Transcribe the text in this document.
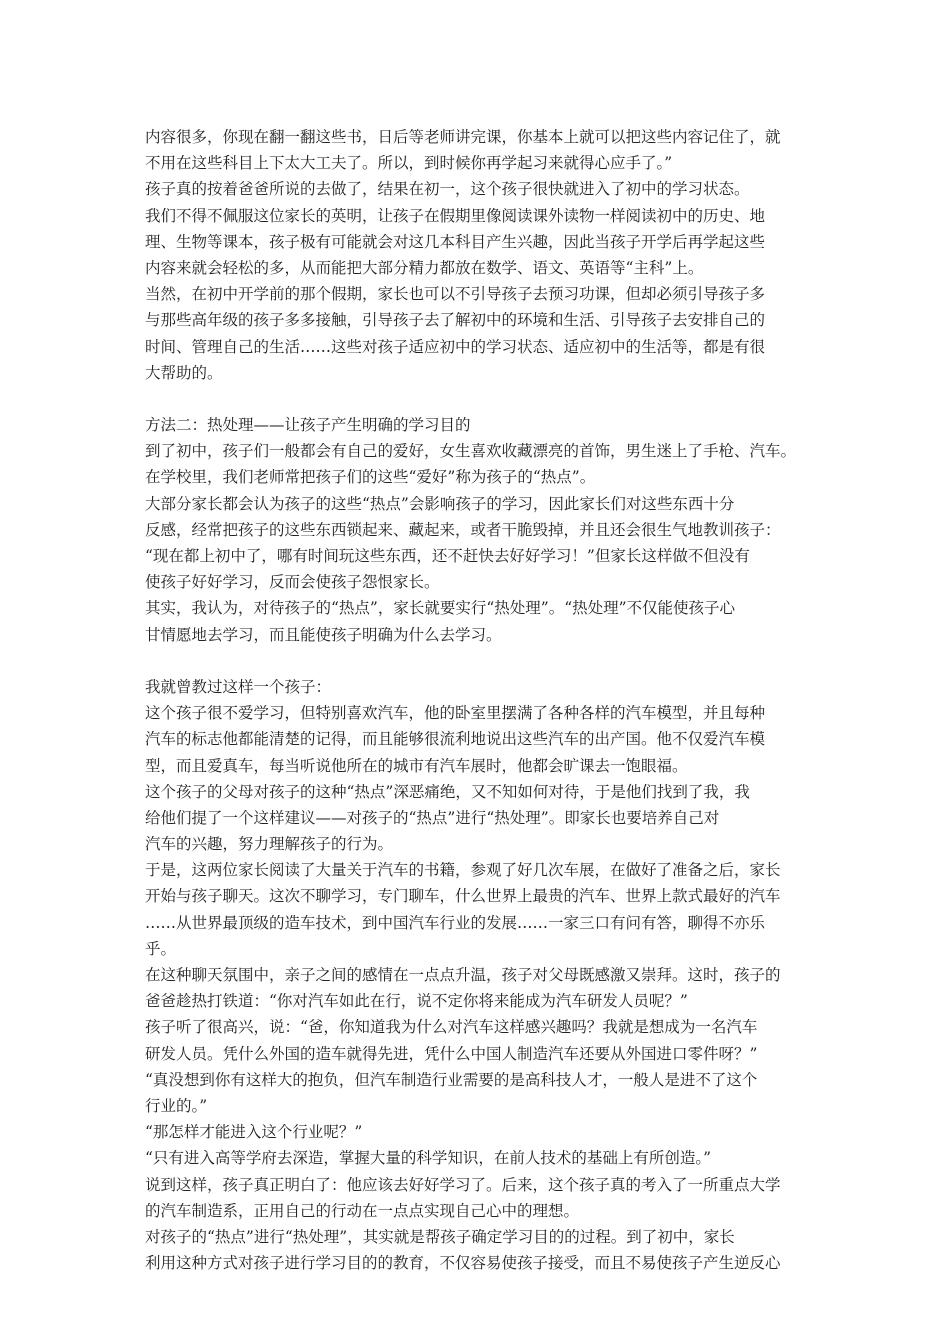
内容很多，你现在翻一翻这些书，日后等老师讲完课，你基本上就可以把这些内容记住了，就
不用在这些科目上下太大工夫了。所以，到时候你再学起习来就得心应手了。”
孩子真的按着爸爸所说的去做了，结果在初一，这个孩子很快就进入了初中的学习状态。
我们不得不佩服这位家长的英明，让孩子在假期里像阅读课外读物一样阅读初中的历史、地
理、生物等课本，孩子极有可能就会对这几本科目产生兴趣，因此当孩子开学后再学起这些
内容来就会轻松的多，从而能把大部分精力都放在数学、语文、英语等“主科”上。
当然，在初中开学前的那个假期，家长也可以不引导孩子去预习功课，但却必须引导孩子多
与那些高年级的孩子多多接触，引导孩子去了解初中的环境和生活、引导孩子去安排自己的
时间、管理自己的生活……这些对孩子适应初中的学习状态、适应初中的生活等，都是有很
大帮助的。
方法二：热处理——让孩子产生明确的学习目的
到了初中，孩子们一般都会有自己的爱好，女生喜欢收藏漂亮的首饰，男生迷上了手枪、汽车。
在学校里，我们老师常把孩子们的这些“爱好”称为孩子的“热点”。
大部分家长都会认为孩子的这些“热点”会影响孩子的学习，因此家长们对这些东西十分
反感，经常把孩子的这些东西锁起来、藏起来，或者干脆毁掉，并且还会很生气地教训孩子：
“现在都上初中了，哪有时间玩这些东西，还不赶快去好好学习！”但家长这样做不但没有
使孩子好好学习，反而会使孩子怨恨家长。
其实，我认为，对待孩子的“热点”，家长就要实行“热处理”。“热处理”不仅能使孩子心
甘情愿地去学习，而且能使孩子明确为什么去学习。
我就曾教过这样一个孩子：
这个孩子很不爱学习，但特别喜欢汽车，他的卧室里摆满了各种各样的汽车模型，并且每种
汽车的标志他都能清楚的记得，而且能够很流利地说出这些汽车的出产国。他不仅爱汽车模
型，而且爱真车，每当听说他所在的城市有汽车展时，他都会旷课去一饱眼福。
这个孩子的父母对孩子的这种“热点”深恶痛绝，又不知如何对待，于是他们找到了我，我
给他们提了一个这样建议——对孩子的“热点”进行“热处理”。即家长也要培养自己对
汽车的兴趣，努力理解孩子的行为。
于是，这两位家长阅读了大量关于汽车的书籍，参观了好几次车展，在做好了准备之后，家长
开始与孩子聊天。这次不聊学习，专门聊车，什么世界上最贵的汽车、世界上款式最好的汽车
……从世界最顶级的造车技术，到中国汽车行业的发展……一家三口有问有答，聊得不亦乐
乎。
在这种聊天氛围中，亲子之间的感情在一点点升温，孩子对父母既感激又崇拜。这时，孩子的
爸爸趁热打铁道：“你对汽车如此在行，说不定你将来能成为汽车研发人员呢？”
孩子听了很高兴，说：“爸，你知道我为什么对汽车这样感兴趣吗？我就是想成为一名汽车
研发人员。凭什么外国的造车就得先进，凭什么中国人制造汽车还要从外国进口零件呀？”
“真没想到你有这样大的抱负，但汽车制造行业需要的是高科技人才，一般人是进不了这个
行业的。”
“那怎样才能进入这个行业呢？”
“只有进入高等学府去深造，掌握大量的科学知识，在前人技术的基础上有所创造。”
说到这样，孩子真正明白了：他应该去好好学习了。后来，这个孩子真的考入了一所重点大学
的汽车制造系，正用自己的行动在一点点实现自己心中的理想。
对孩子的“热点”进行“热处理”，其实就是帮孩子确定学习目的的过程。到了初中，家长
利用这种方式对孩子进行学习目的的教育，不仅容易使孩子接受，而且不易使孩子产生逆反心
